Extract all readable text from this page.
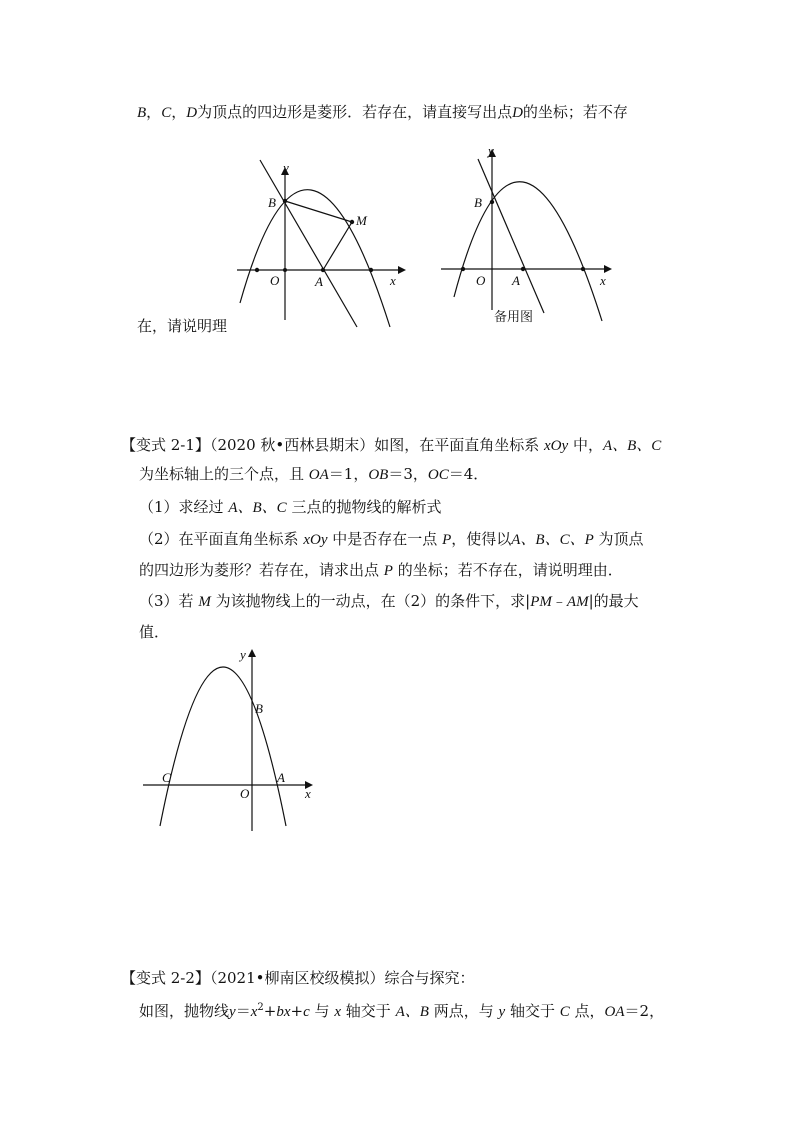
B，C，D为顶点的四边形是菱形．若存在，请直接写出点D的坐标；若不存
在，请说明理
y
x
O	A
B
M
y
x
O A
B
备用图
【变式 2-1】（2020 秋•西林县期末）如图，在平面直角坐标系 xOy 中，A、B、C
为坐标轴上的三个点，且 OA＝1，OB＝3，OC＝4．
（1）求经过 A、B、C 三点的抛物线的解析式
（2）在平面直角坐标系 xOy 中是否存在一点 P，使得以A、B、C、P 为顶点
的四边形为菱形？若存在，请求出点 P 的坐标；若不存在，请说明理由．
（3）若 M 为该抛物线上的一动点，在（2）的条件下，求|PM﹣AM|的最大
值．
y
x
O
A
B
C
【变式 2-2】（2021•柳南区校级模拟）综合与探究：
如图，抛物线$y=x^2+bx+c$ 与 x 轴交于 A、B 两点，与 y 轴交于 C 点，OA＝2，
